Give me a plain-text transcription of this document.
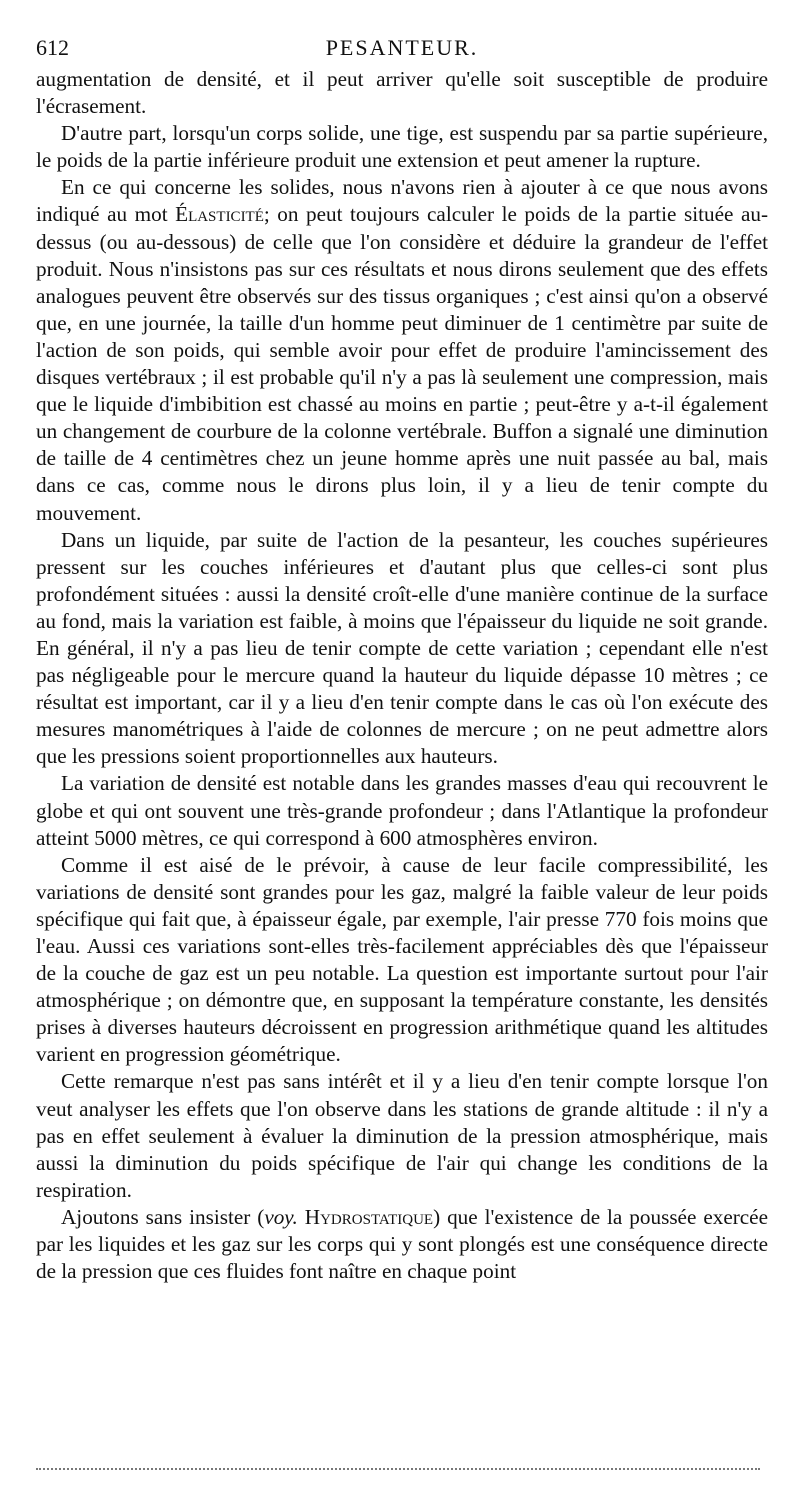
612	PESANTEUR.

augmentation de densité, et il peut arriver qu'elle soit susceptible de produire l'écrasement.

D'autre part, lorsqu'un corps solide, une tige, est suspendu par sa partie supérieure, le poids de la partie inférieure produit une extension et peut amener la rupture.

En ce qui concerne les solides, nous n'avons rien à ajouter à ce que nous avons indiqué au mot Élasticité; on peut toujours calculer le poids de la partie située au-dessus (ou au-dessous) de celle que l'on considère et déduire la grandeur de l'effet produit. Nous n'insistons pas sur ces résultats et nous dirons seulement que des effets analogues peuvent être observés sur des tissus organiques ; c'est ainsi qu'on a observé que, en une journée, la taille d'un homme peut diminuer de 1 centimètre par suite de l'action de son poids, qui semble avoir pour effet de produire l'amincissement des disques vertébraux ; il est probable qu'il n'y a pas là seulement une compression, mais que le liquide d'imbibition est chassé au moins en partie ; peut-être y a-t-il également un changement de courbure de la colonne vertébrale. Buffon a signalé une diminution de taille de 4 centimètres chez un jeune homme après une nuit passée au bal, mais dans ce cas, comme nous le dirons plus loin, il y a lieu de tenir compte du mouvement.

Dans un liquide, par suite de l'action de la pesanteur, les couches supérieures pressent sur les couches inférieures et d'autant plus que celles-ci sont plus profondément situées : aussi la densité croît-elle d'une manière continue de la surface au fond, mais la variation est faible, à moins que l'épaisseur du liquide ne soit grande. En général, il n'y a pas lieu de tenir compte de cette variation ; cependant elle n'est pas négligeable pour le mercure quand la hauteur du liquide dépasse 10 mètres ; ce résultat est important, car il y a lieu d'en tenir compte dans le cas où l'on exécute des mesures manométriques à l'aide de colonnes de mercure ; on ne peut admettre alors que les pressions soient proportionnelles aux hauteurs.

La variation de densité est notable dans les grandes masses d'eau qui recouvrent le globe et qui ont souvent une très-grande profondeur ; dans l'Atlantique la profondeur atteint 5000 mètres, ce qui correspond à 600 atmosphères environ.

Comme il est aisé de le prévoir, à cause de leur facile compressibilité, les variations de densité sont grandes pour les gaz, malgré la faible valeur de leur poids spécifique qui fait que, à épaisseur égale, par exemple, l'air presse 770 fois moins que l'eau. Aussi ces variations sont-elles très-facilement appréciables dès que l'épaisseur de la couche de gaz est un peu notable. La question est importante surtout pour l'air atmosphérique ; on démontre que, en supposant la température constante, les densités prises à diverses hauteurs décroissent en progression arithmétique quand les altitudes varient en progression géométrique.

Cette remarque n'est pas sans intérêt et il y a lieu d'en tenir compte lorsque l'on veut analyser les effets que l'on observe dans les stations de grande altitude : il n'y a pas en effet seulement à évaluer la diminution de la pression atmosphérique, mais aussi la diminution du poids spécifique de l'air qui change les conditions de la respiration.

Ajoutons sans insister (voy. Hydrostatique) que l'existence de la poussée exercée par les liquides et les gaz sur les corps qui y sont plongés est une conséquence directe de la pression que ces fluides font naître en chaque point
